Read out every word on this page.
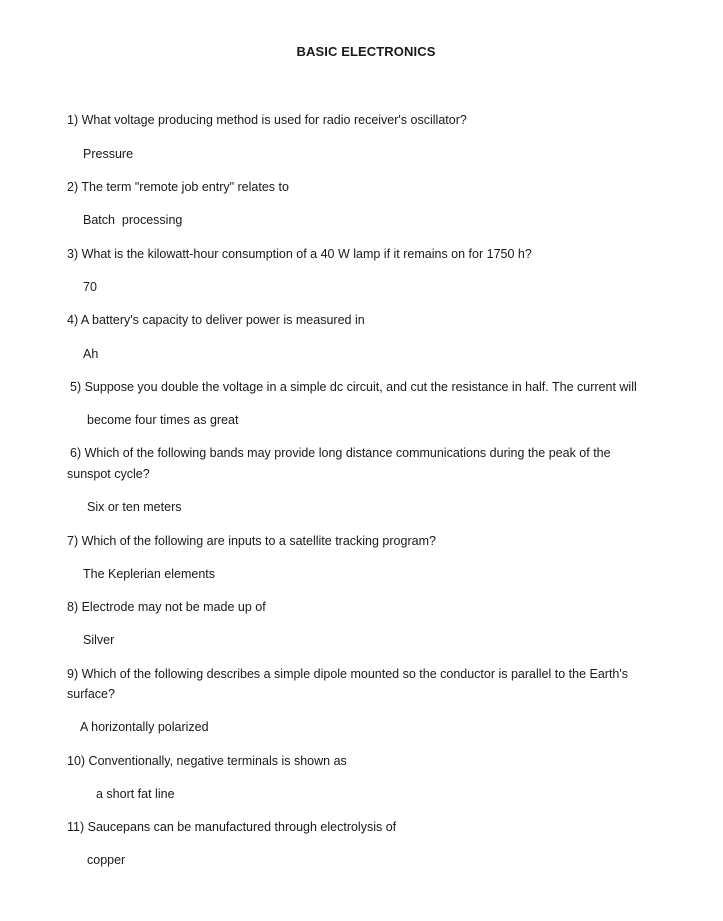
BASIC ELECTRONICS
1) What voltage producing method is used for radio receiver's oscillator?
Pressure
2) The term "remote job entry" relates to
Batch  processing
3) What is the kilowatt-hour consumption of a 40 W lamp if it remains on for 1750 h?
70
4) A battery's capacity to deliver power is measured in
Ah
5) Suppose you double the voltage in a simple dc circuit, and cut the resistance in half. The current will
become four times as great
6) Which of the following bands may provide long distance communications during the peak of the
sunspot cycle?
Six or ten meters
7) Which of the following are inputs to a satellite tracking program?
The Keplerian elements
8) Electrode may not be made up of
Silver
9) Which of the following describes a simple dipole mounted so the conductor is parallel to the Earth's
surface?
A horizontally polarized
10) Conventionally, negative terminals is shown as
a short fat line
11) Saucepans can be manufactured through electrolysis of
copper
